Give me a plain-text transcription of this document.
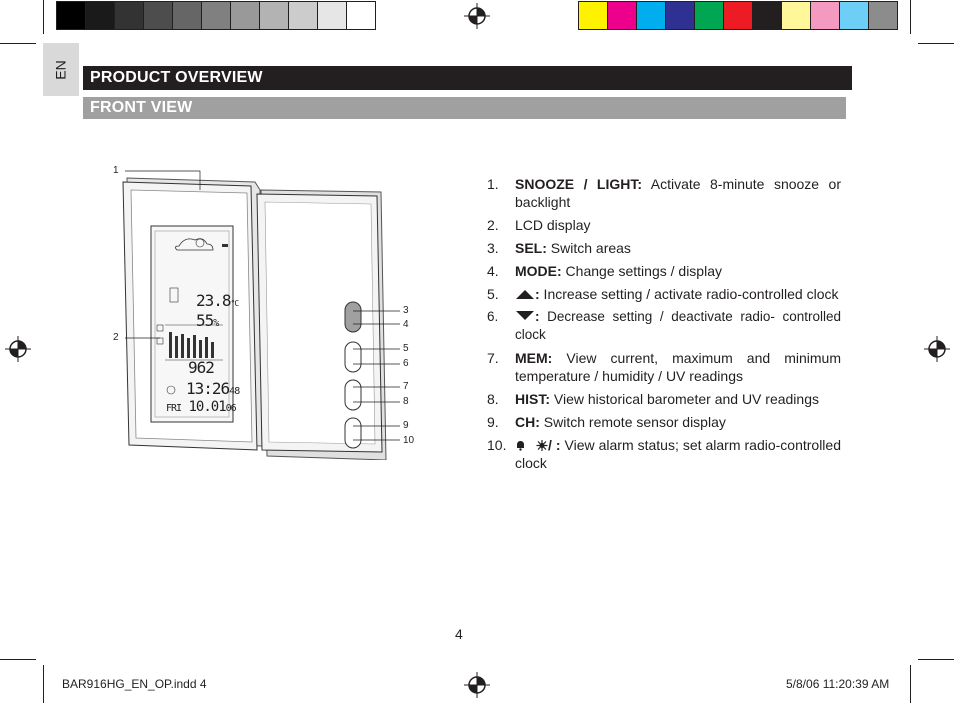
EN PRODUCT OVERVIEW
FRONT VIEW
23.8°C
55%
962
13:2648
FRI 10.0106
1
2
3
4
5
6
7
8
9
10
1. SNOOZE / LIGHT: Activate 8-minute snooze or backlight
2. LCD display
3. SEL: Switch areas
4. MODE: Change settings / display
5.	: Increase setting / activate radio-controlled clock
6.	: Decrease setting / deactivate radio- controlled clock
7. MEM: View current, maximum and minimum temperature / humidity / UV readings
8. HIST: View historical barometer and UV readings
9. CH: Switch remote sensor display
10.	/ : View alarm status; set alarm radio-controlled clock
4
BAR916HG_EN_OP.indd 4	5/8/06 11:20:39 AM
